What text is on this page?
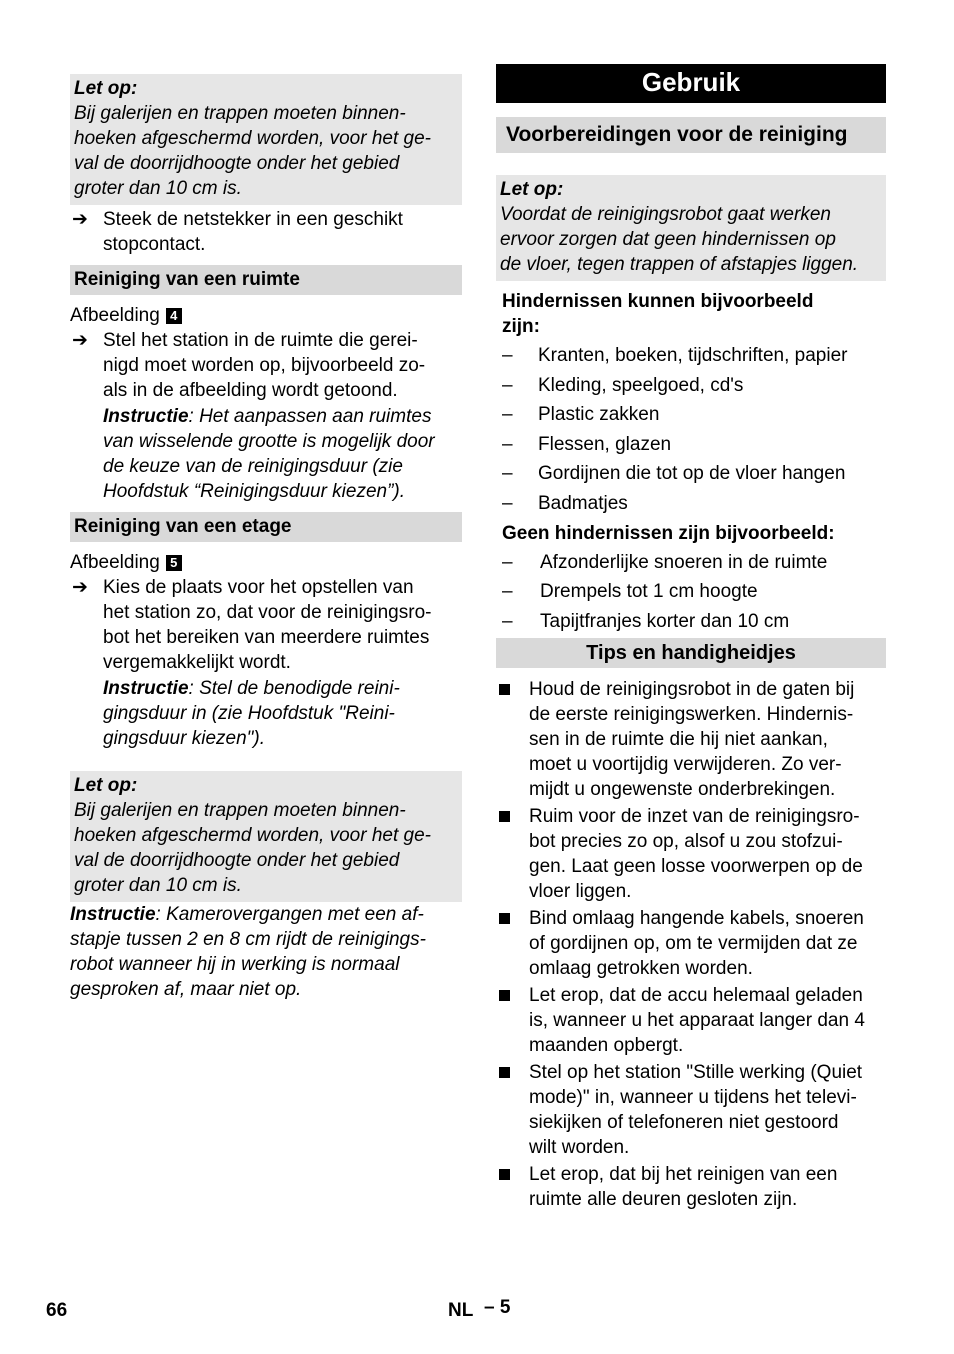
Let op:
Bij galerijen en trappen moeten binnen-
hoeken afgeschermd worden, voor het ge-
val de doorrijdhoogte onder het gebied
groter dan 10 cm is.
➔ Steek de netstekker in een geschikt
stopcontact.
Reiniging van een ruimte
Afbeelding 4
➔ Stel het station in de ruimte die gerei-
nigd moet worden op, bijvoorbeeld zo-
als in de afbeelding wordt getoond.
Instructie: Het aanpassen aan ruimtes
van wisselende grootte is mogelijk door
de keuze van de reinigingsduur (zie
Hoofdstuk “Reinigingsduur kiezen”).
Reiniging van een etage
Afbeelding 5
➔ Kies de plaats voor het opstellen van
het station zo, dat voor de reinigingsro-
bot het bereiken van meerdere ruimtes
vergemakkelijkt wordt.
Instructie: Stel de benodigde reini-
gingsduur in (zie Hoofdstuk "Reini-
gingsduur kiezen").
Let op:
Bij galerijen en trappen moeten binnen-
hoeken afgeschermd worden, voor het ge-
val de doorrijdhoogte onder het gebied
groter dan 10 cm is.
Instructie: Kamerovergangen met een af-
stapje tussen 2 en 8 cm rijdt de reinigings-
robot wanneer hij in werking is normaal
gesproken af, maar niet op.
Gebruik
Voorbereidingen voor de reiniging
Let op:
Voordat de reinigingsrobot gaat werken
ervoor zorgen dat geen hindernissen op
de vloer, tegen trappen of afstapjes liggen.
Hindernissen kunnen bijvoorbeeld
zijn:
– Kranten, boeken, tijdschriften, papier
– Kleding, speelgoed, cd's
– Plastic zakken
– Flessen, glazen
– Gordijnen die tot op de vloer hangen
– Badmatjes
Geen hindernissen zijn bijvoorbeeld:
– Afzonderlijke snoeren in de ruimte
– Drempels tot 1 cm hoogte
– Tapijtfranjes korter dan 10 cm
Tips en handigheidjes
Houd de reinigingsrobot in de gaten bij
de eerste reinigingswerken. Hindernis-
sen in de ruimte die hij niet aankan,
moet u voortijdig verwijderen. Zo ver-
mijdt u ongewenste onderbrekingen.
Ruim voor de inzet van de reinigingsro-
bot precies zo op, alsof u zou stofzui-
gen. Laat geen losse voorwerpen op de
vloer liggen.
Bind omlaag hangende kabels, snoeren
of gordijnen op, om te vermijden dat ze
omlaag getrokken worden.
Let erop, dat de accu helemaal geladen
is, wanneer u het apparaat langer dan 4
maanden opbergt.
Stel op het station "Stille werking (Quiet
mode)" in, wanneer u tijdens het televi-
siekijken of telefoneren niet gestoord
wilt worden.
Let erop, dat bij het reinigen van een
ruimte alle deuren gesloten zijn.
66	NL – 5
